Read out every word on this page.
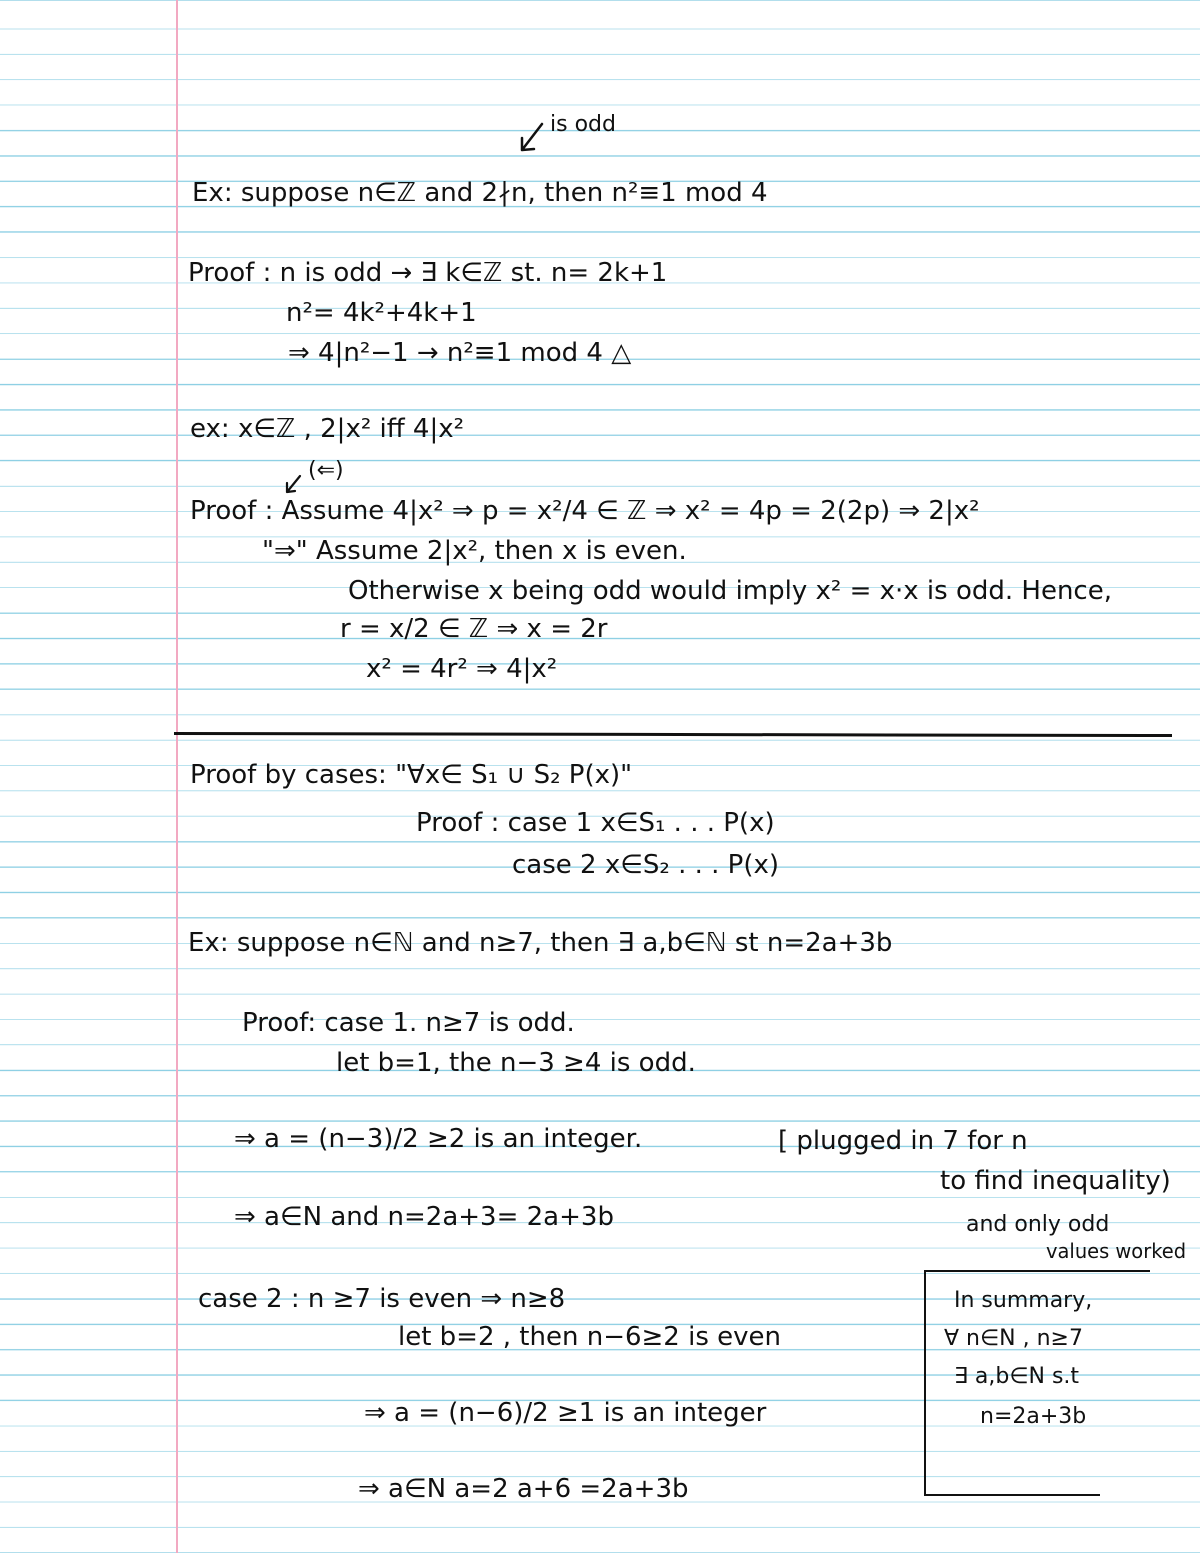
is odd
Ex: suppose n∈ℤ and 2∤n, then n²≡1 mod 4
Proof : n is odd → ∃ k∈ℤ st. n= 2k+1
n²= 4k²+4k+1
⇒ 4|n²−1 → n²≡1 mod 4 △
ex: x∈ℤ , 2|x² iff 4|x²
(⇐)
Proof : Assume 4|x² ⇒ p = x²/4 ∈ ℤ ⇒ x² = 4p = 2(2p) ⇒ 2|x²
"⇒" Assume 2|x², then x is even.
Otherwise x being odd would imply x² = x·x is odd. Hence,
r = x/2 ∈ ℤ ⇒ x = 2r
x² = 4r² ⇒ 4|x²
Proof by cases: "∀x∈ S₁ ∪ S₂ P(x)"
Proof : case 1 x∈S₁ . . . P(x)
case 2 x∈S₂ . . . P(x)
Ex: suppose n∈ℕ and n≥7, then ∃ a,b∈ℕ st n=2a+3b
Proof: case 1. n≥7 is odd.
let b=1, the n−3 ≥4 is odd.
⇒ a = (n−3)/2 ≥2 is an integer.
⇒ a∈N and n=2a+3= 2a+3b
[ plugged in 7 for n
to find inequality)
and only odd
values worked
case 2 : n ≥7 is even ⇒ n≥8
let b=2 , then n−6≥2 is even
⇒ a = (n−6)/2 ≥1 is an integer
⇒ a∈N a=2 a+6 =2a+3b
In summary,
∀ n∈N , n≥7
∃ a,b∈N s.t
n=2a+3b
